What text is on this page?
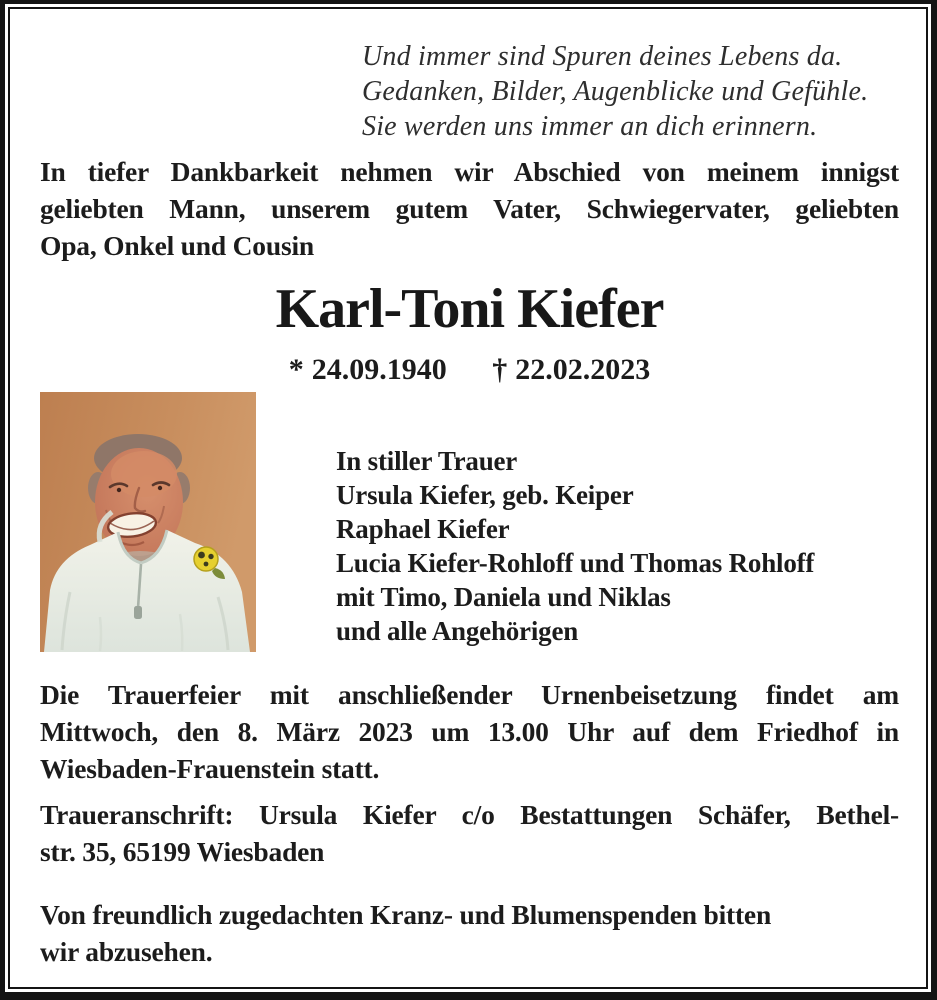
Und immer sind Spuren deines Lebens da.
Gedanken, Bilder, Augenblicke und Gefühle.
Sie werden uns immer an dich erinnern.
In tiefer Dankbarkeit nehmen wir Abschied von meinem innigst
geliebten Mann, unserem gutem Vater, Schwiegervater, geliebten
Opa, Onkel und Cousin
Karl-Toni Kiefer
* 24.09.1940 † 22.02.2023
In stiller Trauer
Ursula Kiefer, geb. Keiper
Raphael Kiefer
Lucia Kiefer-Rohloff und Thomas Rohloff
mit Timo, Daniela und Niklas
und alle Angehörigen
Die Trauerfeier mit anschließender Urnenbeisetzung findet am
Mittwoch, den 8. März 2023 um 13.00 Uhr auf dem Friedhof in
Wiesbaden-Frauenstein statt.
Traueranschrift: Ursula Kiefer c/o Bestattungen Schäfer, Bethel-
str. 35, 65199 Wiesbaden
Von freundlich zugedachten Kranz- und Blumenspenden bitten
wir abzusehen.
